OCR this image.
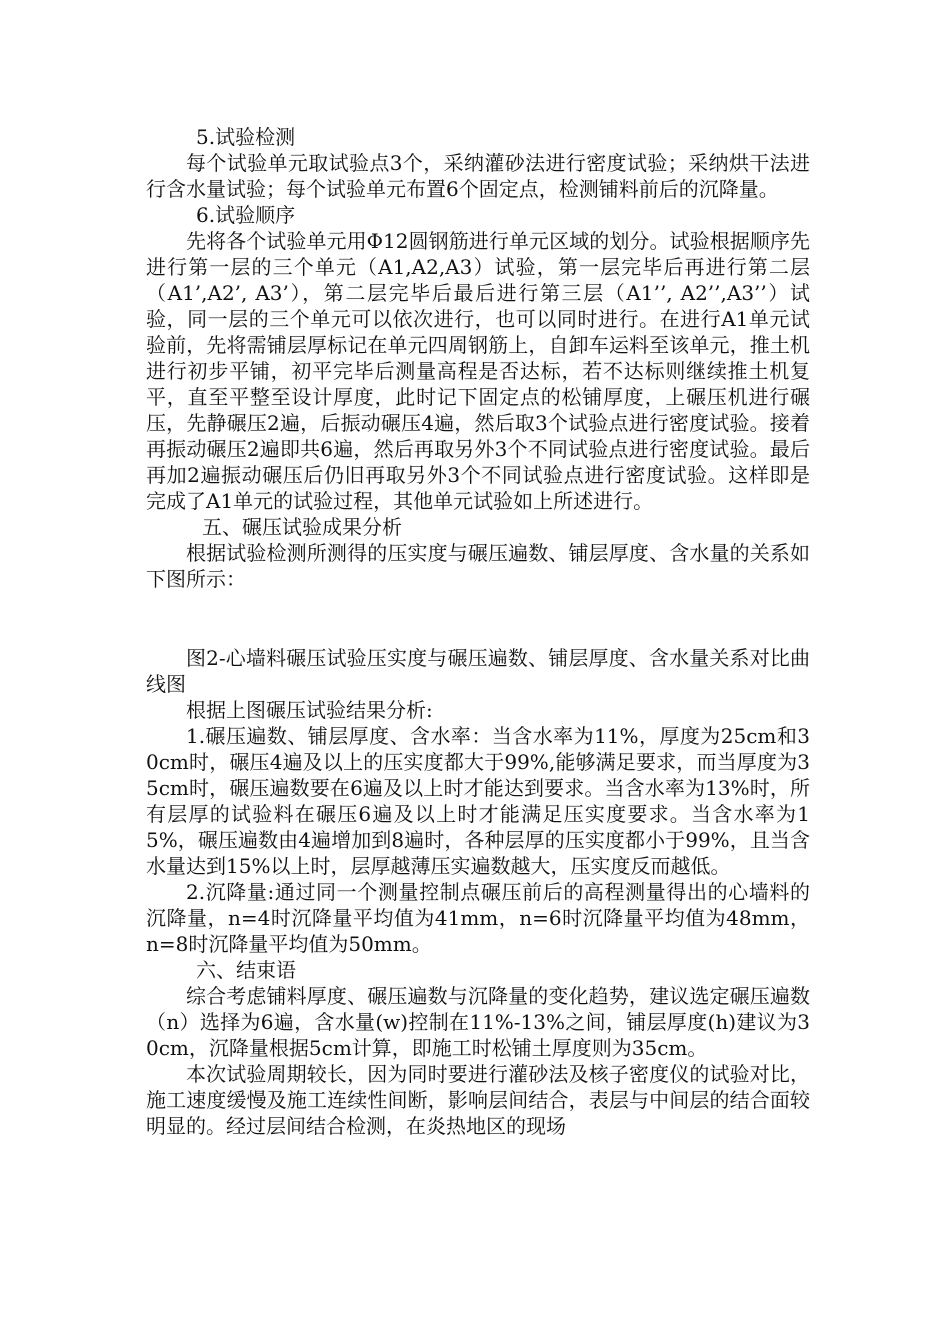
5.试验检测

每个试验单元取试验点3个，采纳灌砂法进行密度试验；采纳烘干法进行含水量试验；每个试验单元布置6个固定点，检测铺料前后的沉降量。

6.试验顺序

先将各个试验单元用Φ12圆钢筋进行单元区域的划分。试验根据顺序先进行第一层的三个单元（A1,A2,A3）试验，第一层完毕后再进行第二层（A1’,A2’, A3’），第二层完毕后最后进行第三层（A1’’, A2’’,A3’’）试验，同一层的三个单元可以依次进行，也可以同时进行。在进行A1单元试验前，先将需铺层厚标记在单元四周钢筋上，自卸车运料至该单元，推土机进行初步平铺，初平完毕后测量高程是否达标，若不达标则继续推土机复平，直至平整至设计厚度，此时记下固定点的松铺厚度，上碾压机进行碾压，先静碾压2遍，后振动碾压4遍，然后取3个试验点进行密度试验。接着再振动碾压2遍即共6遍，然后再取另外3个不同试验点进行密度试验。最后再加2遍振动碾压后仍旧再取另外3个不同试验点进行密度试验。这样即是完成了A1单元的试验过程，其他单元试验如上所述进行。

五、碾压试验成果分析

根据试验检测所测得的压实度与碾压遍数、铺层厚度、含水量的关系如下图所示：

图2-心墙料碾压试验压实度与碾压遍数、铺层厚度、含水量关系对比曲线图

根据上图碾压试验结果分析:

1.碾压遍数、铺层厚度、含水率：当含水率为11%，厚度为25cm和30cm时，碾压4遍及以上的压实度都大于99%,能够满足要求，而当厚度为35cm时，碾压遍数要在6遍及以上时才能达到要求。当含水率为13%时，所有层厚的试验料在碾压6遍及以上时才能满足压实度要求。当含水率为15%，碾压遍数由4遍增加到8遍时，各种层厚的压实度都小于99%，且当含水量达到15%以上时，层厚越薄压实遍数越大，压实度反而越低。

2.沉降量:通过同一个测量控制点碾压前后的高程测量得出的心墙料的沉降量，n=4时沉降量平均值为41mm，n=6时沉降量平均值为48mm，n=8时沉降量平均值为50mm。

六、结束语

综合考虑铺料厚度、碾压遍数与沉降量的变化趋势，建议选定碾压遍数（n）选择为6遍，含水量(w)控制在11%-13%之间，铺层厚度(h)建议为30cm，沉降量根据5cm计算，即施工时松铺土厚度则为35cm。

本次试验周期较长，因为同时要进行灌砂法及核子密度仪的试验对比，施工速度缓慢及施工连续性间断，影响层间结合，表层与中间层的结合面较明显的。经过层间结合检测，在炎热地区的现场
